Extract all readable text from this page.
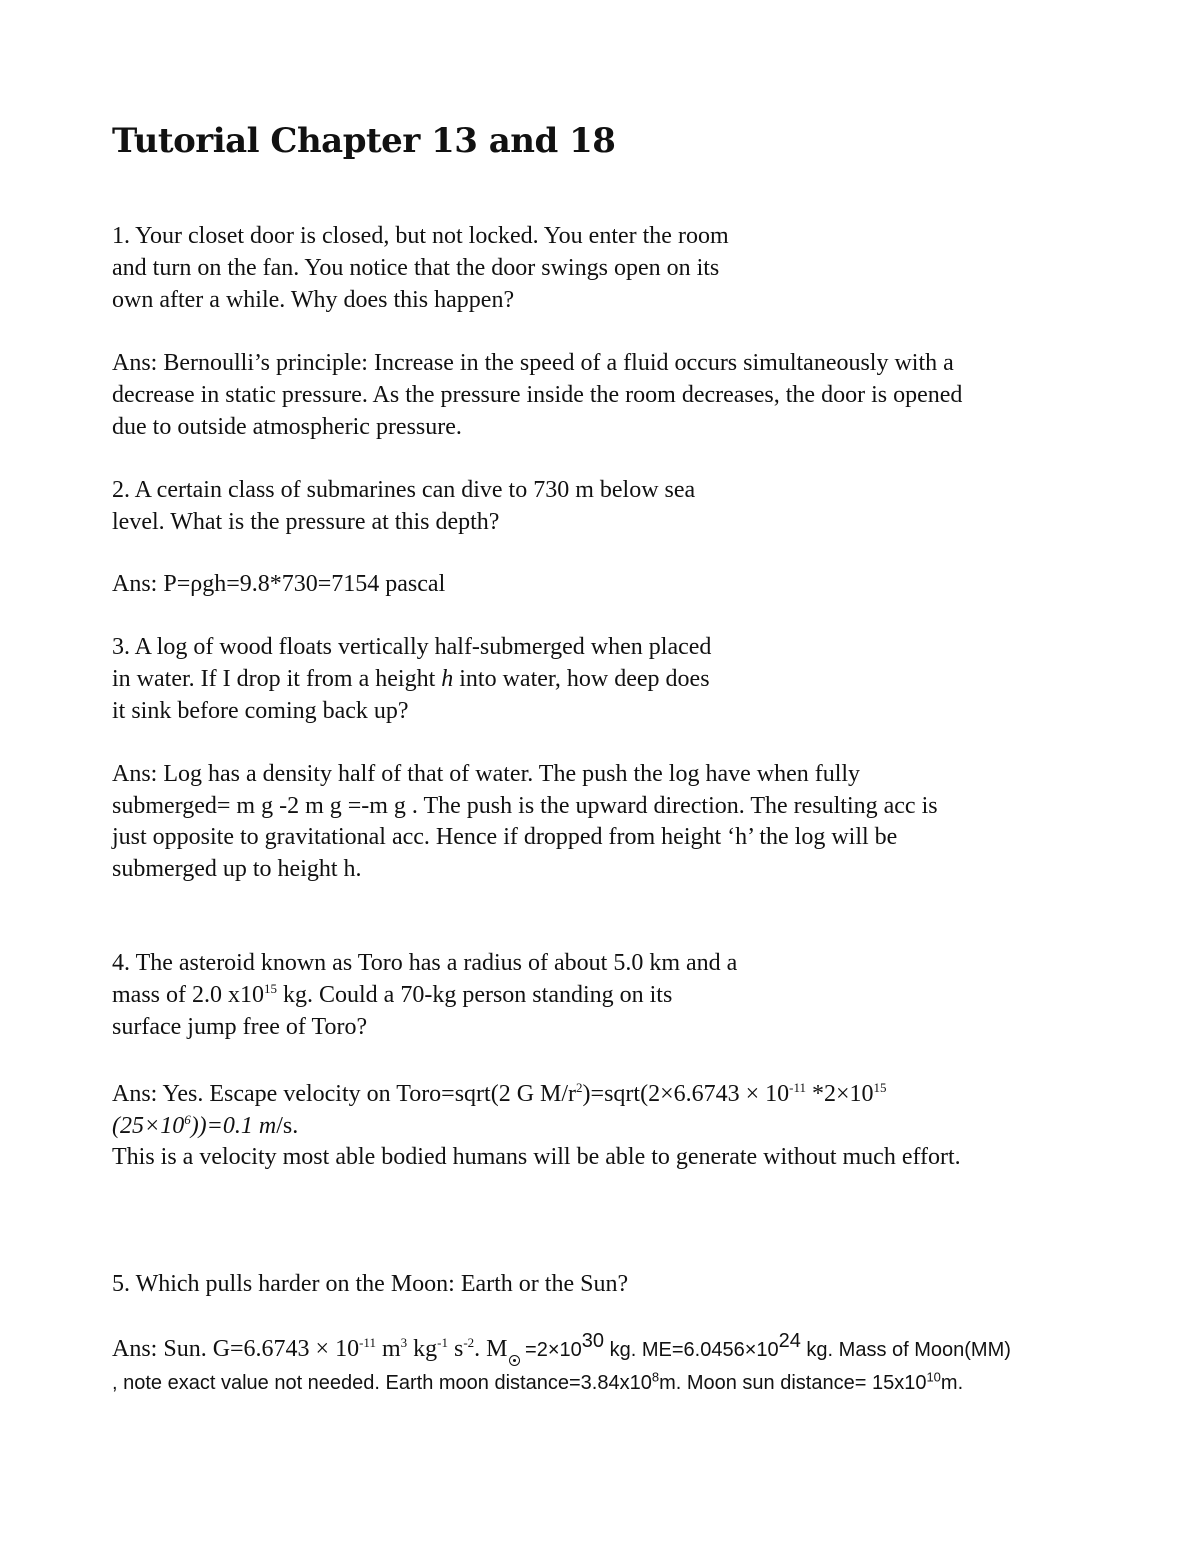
Tutorial Chapter 13 and 18
1. Your closet door is closed, but not locked. You enter the room
and turn on the fan. You notice that the door swings open on its
own after a while. Why does this happen?
Ans: Bernoulli’s principle: Increase in the speed of a fluid occurs simultaneously with a
decrease in static pressure. As the pressure inside the room decreases, the door is opened
due to outside atmospheric pressure.
2. A certain class of submarines can dive to 730 m below sea
level. What is the pressure at this depth?
Ans: P=ρgh=9.8*730=7154 pascal
3. A log of wood floats vertically half-submerged when placed
in water. If I drop it from a height h into water, how deep does
it sink before coming back up?
Ans: Log has a density half of that of water. The push the log have when fully
submerged= m g -2 m g =-m g . The push is the upward direction. The resulting acc is
just opposite to gravitational acc. Hence if dropped from height ‘h’ the log will be
submerged up to height h.
4. The asteroid known as Toro has a radius of about 5.0 km and a
mass of 2.0 $x10^{15}$ kg. Could a 70-kg person standing on its
surface jump free of Toro?
Ans: Yes. Escape velocity on Toro=sqrt(2 G $M/r^2)=sqrt(2\times 6.6743 \times 10^{-11}$ $*2\times 10^{15}$
$(25\times 10^6))=0.1$ m/s.
This is a velocity most able bodied humans will be able to generate without much effort.
5. Which pulls harder on the Moon: Earth or the Sun?
Ans: Sun. $G=6.6743 \times 10^{-11}$ $m^3$ $kg^{-1}$ $s^{-2}$. $M =2\times 10^{30}$ kg. $ME=6.0456\times 10^{24}$ kg. Mass of Moon(MM)
, note exact value not needed. Earth moon $distance=3.84x10^8m$. Moon sun distance= $15x10^{10}m$.
